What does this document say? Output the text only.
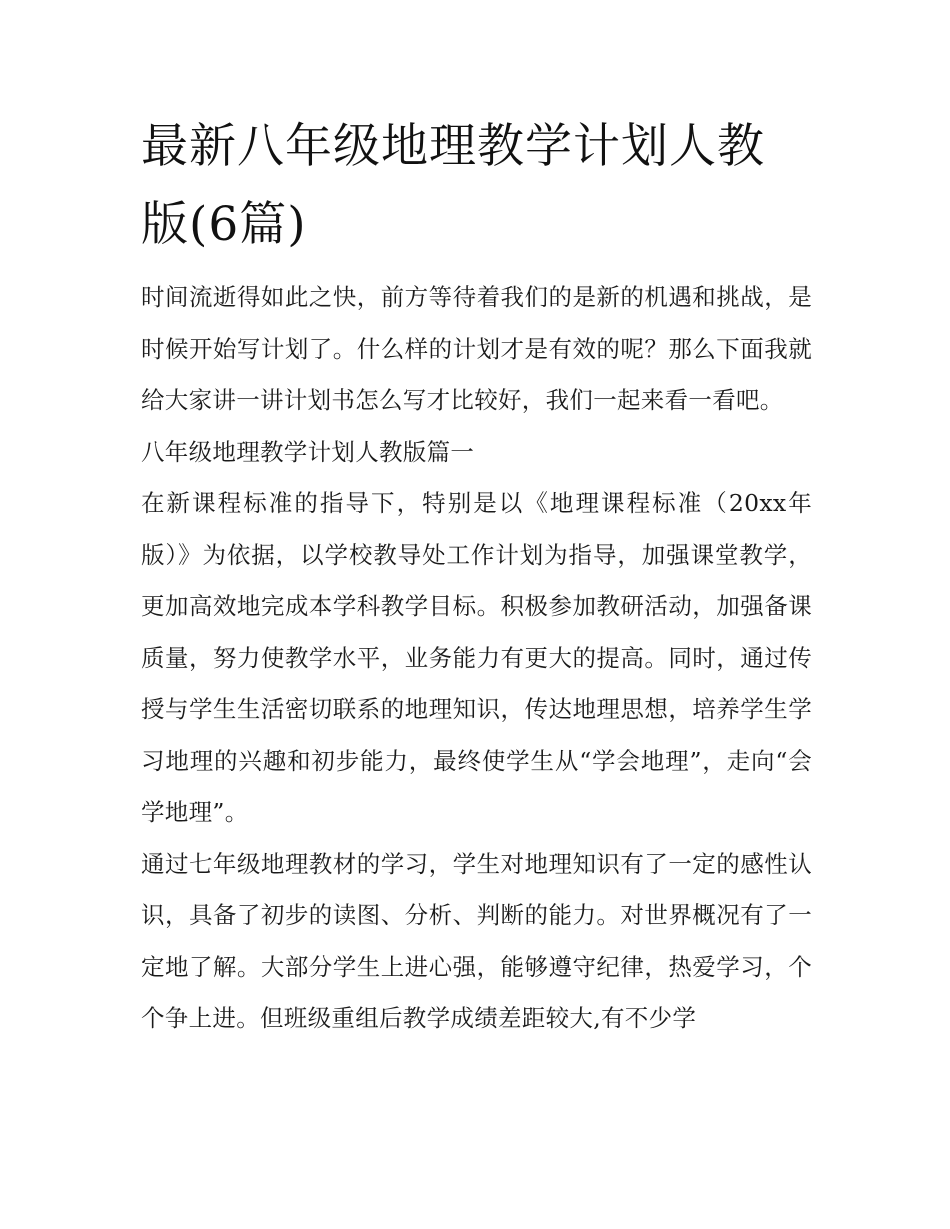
最新八年级地理教学计划人教版(6篇)

时间流逝得如此之快，前方等待着我们的是新的机遇和挑战，是时候开始写计划了。什么样的计划才是有效的呢？那么下面我就给大家讲一讲计划书怎么写才比较好，我们一起来看一看吧。

八年级地理教学计划人教版篇一

在新课程标准的指导下，特别是以《地理课程标准（20xx年版）》为依据，以学校教导处工作计划为指导，加强课堂教学，更加高效地完成本学科教学目标。积极参加教研活动，加强备课质量，努力使教学水平，业务能力有更大的提高。同时，通过传授与学生生活密切联系的地理知识，传达地理思想，培养学生学习地理的兴趣和初步能力，最终使学生从“学会地理”，走向“会学地理”。

通过七年级地理教材的学习，学生对地理知识有了一定的感性认识，具备了初步的读图、分析、判断的能力。对世界概况有了一定地了解。大部分学生上进心强，能够遵守纪律，热爱学习，个个争上进。但班级重组后教学成绩差距较大,有不少学
